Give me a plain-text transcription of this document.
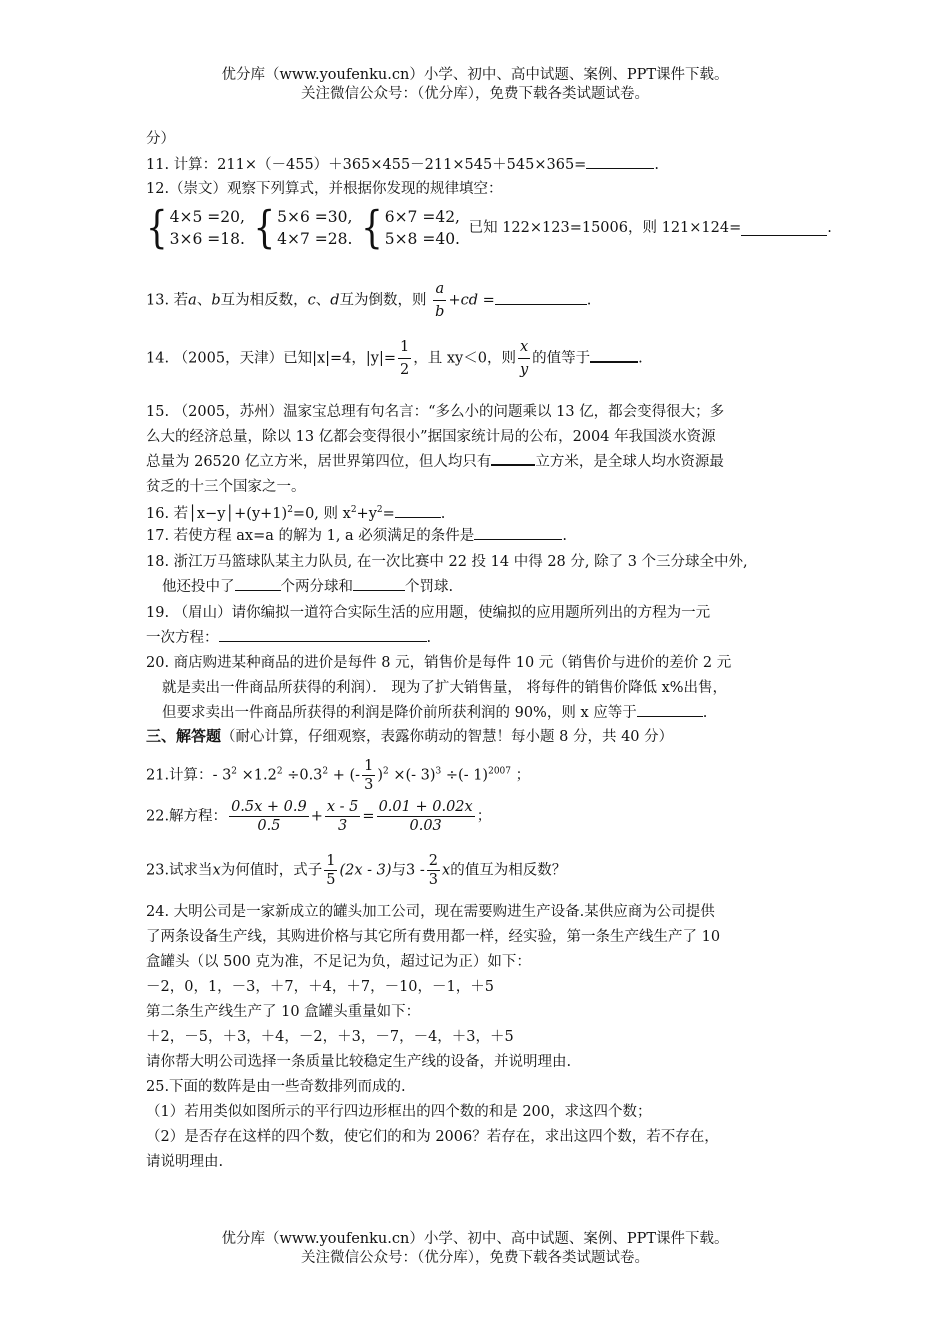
优分库（www.youfenku.cn）小学、初中、高中试题、案例、PPT课件下载。
关注微信公众号：（优分库），免费下载各类试题试卷。
分）
11. 计算：211×（－455）＋365×455－211×545＋545×365=	.
12.（崇文）观察下列算式，并根据你发现的规律填空：
{ 4×5 =20,
3×6 =18. { 5×6 =30,
4×7 =28. { 6×7 =42,
5×8 =40.
已知 122×123=15006，则 121×124=	.
13. 若a、b互为相反数，c、d互为倒数，则 $\frac{a}{b} +cd$ =	.
14. （2005，天津）已知|x|=4，$|y|= \frac{1}{2}$ ，且 xy＜0，则 $\frac{x}{y}$ 的值等于	.
15. （2005，苏州）温家宝总理有句名言：“多么小的问题乘以 13 亿，都会变得很大；多
么大的经济总量，除以 13 亿都会变得很小”据国家统计局的公布，2004 年我国淡水资源
总量为 26520 亿立方米，居世界第四位，但人均只有	立方米，是全球人均水资源最
贫乏的十三个国家之一。
16. 若$│x-y│+(y+1)^2=0$, 则 $x^2+y^2=$	.
17. 若使方程 ax=a 的解为 1, a 必须满足的条件是	.
18. 浙江万马篮球队某主力队员, 在一次比赛中 22 投 14 中得 28 分, 除了 3 个三分球全中外,
他还投中了	个两分球和	个罚球.
19. （眉山）请你编拟一道符合实际生活的应用题，使编拟的应用题所列出的方程为一元
一次方程：	.
20. 商店购进某种商品的进价是每件 8 元，销售价是每件 10 元（销售价与进价的差价 2 元
就是卖出一件商品所获得的利润）． 现为了扩大销售量， 将每件的销售价降低 x%出售，
但要求卖出一件商品所获得的利润是降价前所获利润的 90%，则 x 应等于	.
三、解答题（耐心计算，仔细观察，表露你萌动的智慧！每小题 8 分，共 40 分）
21.计算：- $3^2 \times 1.2^2 \div 0.3^2$ + (- $\frac{1}{3} )^2$ ×(- 3)$^3$ ÷(- 1)$^{2007}$ ；
22.解方程： $\frac{0.5x + 0.9}{0.5} + \frac{x - 5}{3} = \frac{0.01 + 0.02x}{0.03}$ ；
23.试求当x为何值时，式子 $\frac{1}{5} (2x - 3)$与$3 - \frac{2}{3}$ x的值互为相反数？
24. 大明公司是一家新成立的罐头加工公司，现在需要购进生产设备.某供应商为公司提供
了两条设备生产线，其购进价格与其它所有费用都一样，经实验，第一条生产线生产了 10
盒罐头（以 500 克为准，不足记为负，超过记为正）如下：
－2，0，1，－3，＋7，＋4，＋7，－10，－1，＋5
第二条生产线生产了 10 盒罐头重量如下：
＋2，－5，＋3，＋4，－2，＋3，－7，－4，＋3，＋5
请你帮大明公司选择一条质量比较稳定生产线的设备，并说明理由.
25.下面的数阵是由一些奇数排列而成的.
（1）若用类似如图所示的平行四边形框出的四个数的和是 200，求这四个数；
（2）是否存在这样的四个数，使它们的和为 2006？若存在，求出这四个数，若不存在，
请说明理由.
优分库（www.youfenku.cn）小学、初中、高中试题、案例、PPT课件下载。
关注微信公众号：（优分库），免费下载各类试题试卷。
